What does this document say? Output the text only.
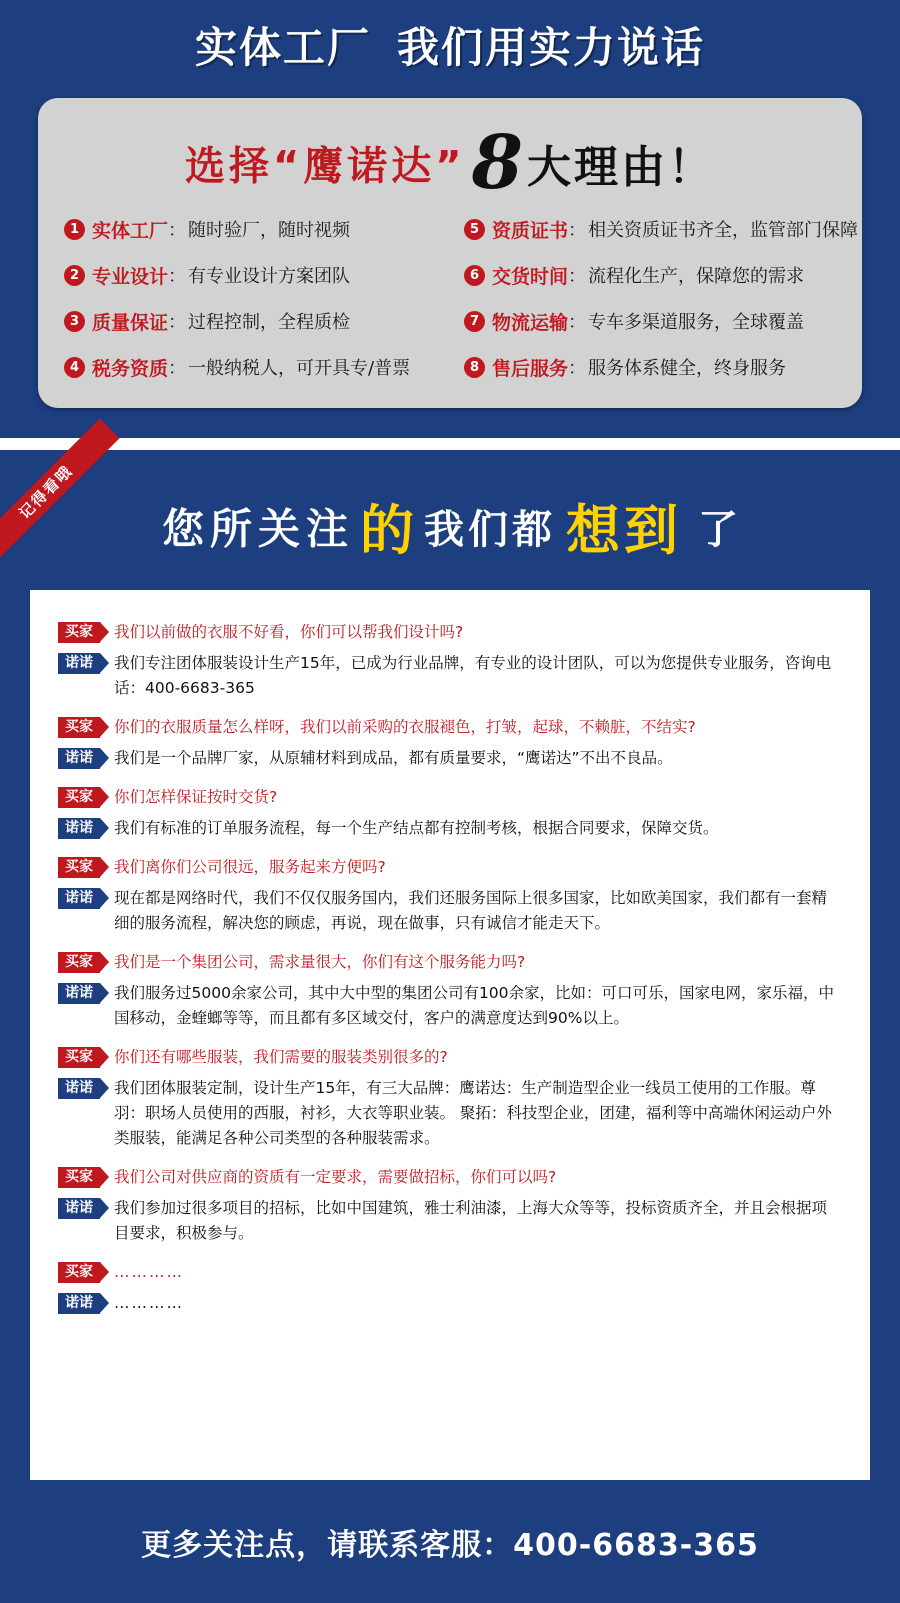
实体工厂 我们用实力说话
选择“鹰诺达”8大理由！
1 实体工厂 ： 随时验厂，随时视频	5 资质证书 ： 相关资质证书齐全，监管部门保障
2 专业设计 ： 有专业设计方案团队	6 交货时间 ： 流程化生产，保障您的需求
3 质量保证 ： 过程控制，全程质检	7 物流运输 ： 专车多渠道服务，全球覆盖
4 税务资质 ： 一般纳税人，可开具专/普票	8 售后服务 ： 服务体系健全，终身服务
记得看哦
您所关注 的 我们都 想到 了
买家	我们以前做的衣服不好看，你们可以帮我们设计吗?
诺诺	我们专注团体服装设计生产15年，已成为行业品牌，有专业的设计团队，可以为您提供专业服务，咨询电话：400-6683-365
买家	你们的衣服质量怎么样呀，我们以前采购的衣服褪色，打皱，起球，不赖脏，不结实?
诺诺	我们是一个品牌厂家，从原辅材料到成品，都有质量要求，“鹰诺达”不出不良品。
买家	你们怎样保证按时交货?
诺诺	我们有标准的订单服务流程，每一个生产结点都有控制考核，根据合同要求，保障交货。
买家	我们离你们公司很远，服务起来方便吗?
诺诺	现在都是网络时代，我们不仅仅服务国内，我们还服务国际上很多国家，比如欧美国家，我们都有一套精细的服务流程，解决您的顾虑，再说，现在做事，只有诚信才能走天下。
买家	我们是一个集团公司，需求量很大，你们有这个服务能力吗?
诺诺	我们服务过5000余家公司，其中大中型的集团公司有100余家，比如：可口可乐，国家电网，家乐福，中国移动，金蝰螂等等，而且都有多区域交付，客户的满意度达到90%以上。
买家	你们还有哪些服装，我们需要的服装类别很多的?
诺诺	我们团体服装定制，设计生产15年，有三大品牌：鹰诺达：生产制造型企业一线员工使用的工作服。尊羽：职场人员使用的西服，衬衫，大衣等职业装。 聚拓：科技型企业，团建，福利等中高端休闲运动户外类服装，能满足各种公司类型的各种服装需求。
买家	我们公司对供应商的资质有一定要求，需要做招标，你们可以吗?
诺诺	我们参加过很多项目的招标，比如中国建筑，雅士利油漆，上海大众等等，投标资质齐全，并且会根据项目要求，积极参与。
买家	…………
诺诺	…………
更多关注点，请联系客服：400-6683-365
